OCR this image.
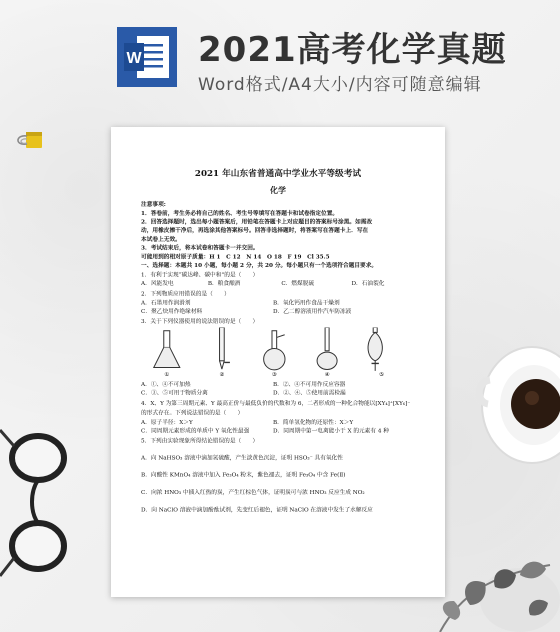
W 2021高考化学真题
Word格式/A4大小/内容可随意编辑
2021 年山东省普通高中学业水平等级考试
化学
注意事项:
1．答卷前，考生务必将自己的姓名、考生号等填写在答题卡和试卷指定位置。
2．回答选择题时，选出每小题答案后，用铅笔在答题卡上对应题目的答案标号涂黑。如需改
动，用橡皮擦干净后，再选涂其他答案标号。回答非选择题时，将答案写在答题卡上．写在
本试卷上无效。
3．考试结束后，将本试卷和答题卡一并交回。
可能用到的相对原子质量：H 1　C 12　N 14　O 18　F 19　Cl 35.5
一、选择题：本题共 10 小题，每小题 2 分，共 20 分。每小题只有一个选项符合题目要求。
1．有利于实现“碳达峰、碳中和”的是（　　）
A．风能发电 B．粮食酿酒 C．燃煤脱硫 D．石油裂化
2．下列物质应用错误的是（　　）
A．石墨用作润滑剂	B．氧化钙用作食品干燥剂
C．聚乙炔用作绝缘材料	D．乙二醇溶液用作汽车防冻液
3．关于下列仪器使用的说法错误的是（　　）
①	②	③	④	⑤
A．①、④不可加热	B．②、④不可用作反应容器
C．③、⑤可用于物质分离	D．②、④、⑤使用前需检漏
4．X、Y 为第三周期元素、Y 最高正价与最低负价的代数和为 6，二者形成的一种化合物能以[XY₄]⁺[XY₆]⁻
的形式存在。下列说法错误的是（　　）
A．原子半径：X＞Y	B．简单氢化物的还原性：X＞Y
C．同周期元素形成的单质中 Y 氧化性最强 D．同周期中第一电离能小于 X 的元素有 4 种
5．下列由实验现象所得结论错误的是（　　）
A．向 NaHSO₃ 溶液中滴加氢硫酸，产生淡黄色沉淀，证明 HSO₃⁻ 具有氧化性
B．向酸性 KMnO₄ 溶液中加入 Fe₃O₄ 粉末，紫色褪去，证明 Fe₃O₄ 中含 Fe(Ⅱ)
C．向浓 HNO₃ 中插入红热的炭，产生红棕色气体，证明炭可与浓 HNO₃ 反应生成 NO₂
D．向 NaClO 溶液中滴加酚酞试剂，先变红后褪色，证明 NaClO 在溶液中发生了水解反应
